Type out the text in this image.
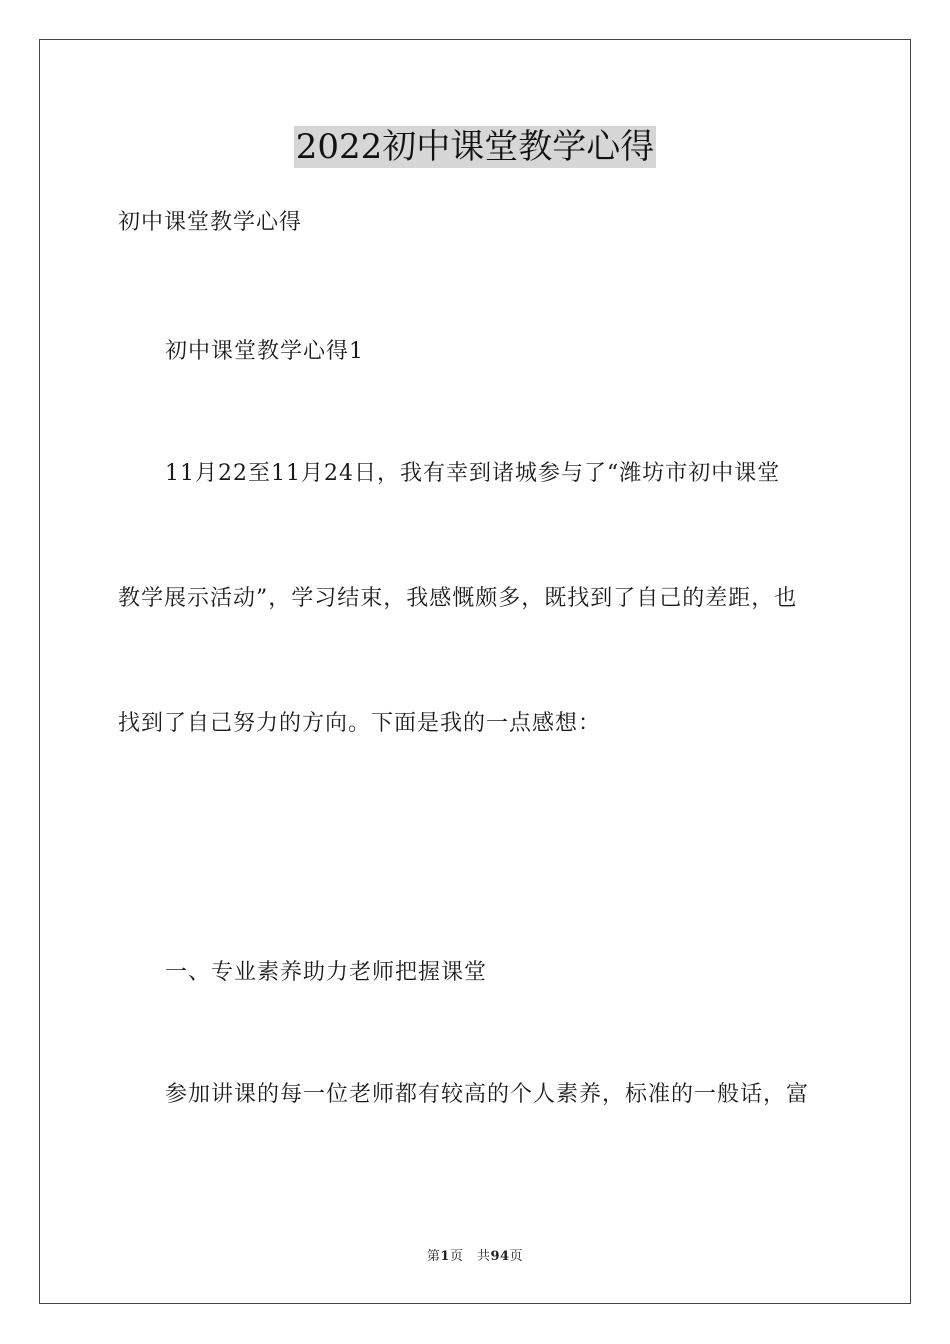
2022初中课堂教学心得
初中课堂教学心得
初中课堂教学心得1
11月22至11月24日，我有幸到诸城参与了“潍坊市初中课堂
教学展示活动”，学习结束，我感慨颇多，既找到了自己的差距，也
找到了自己努力的方向。下面是我的一点感想：
一、专业素养助力老师把握课堂
参加讲课的每一位老师都有较高的个人素养，标准的一般话，富
第1页　共94页
